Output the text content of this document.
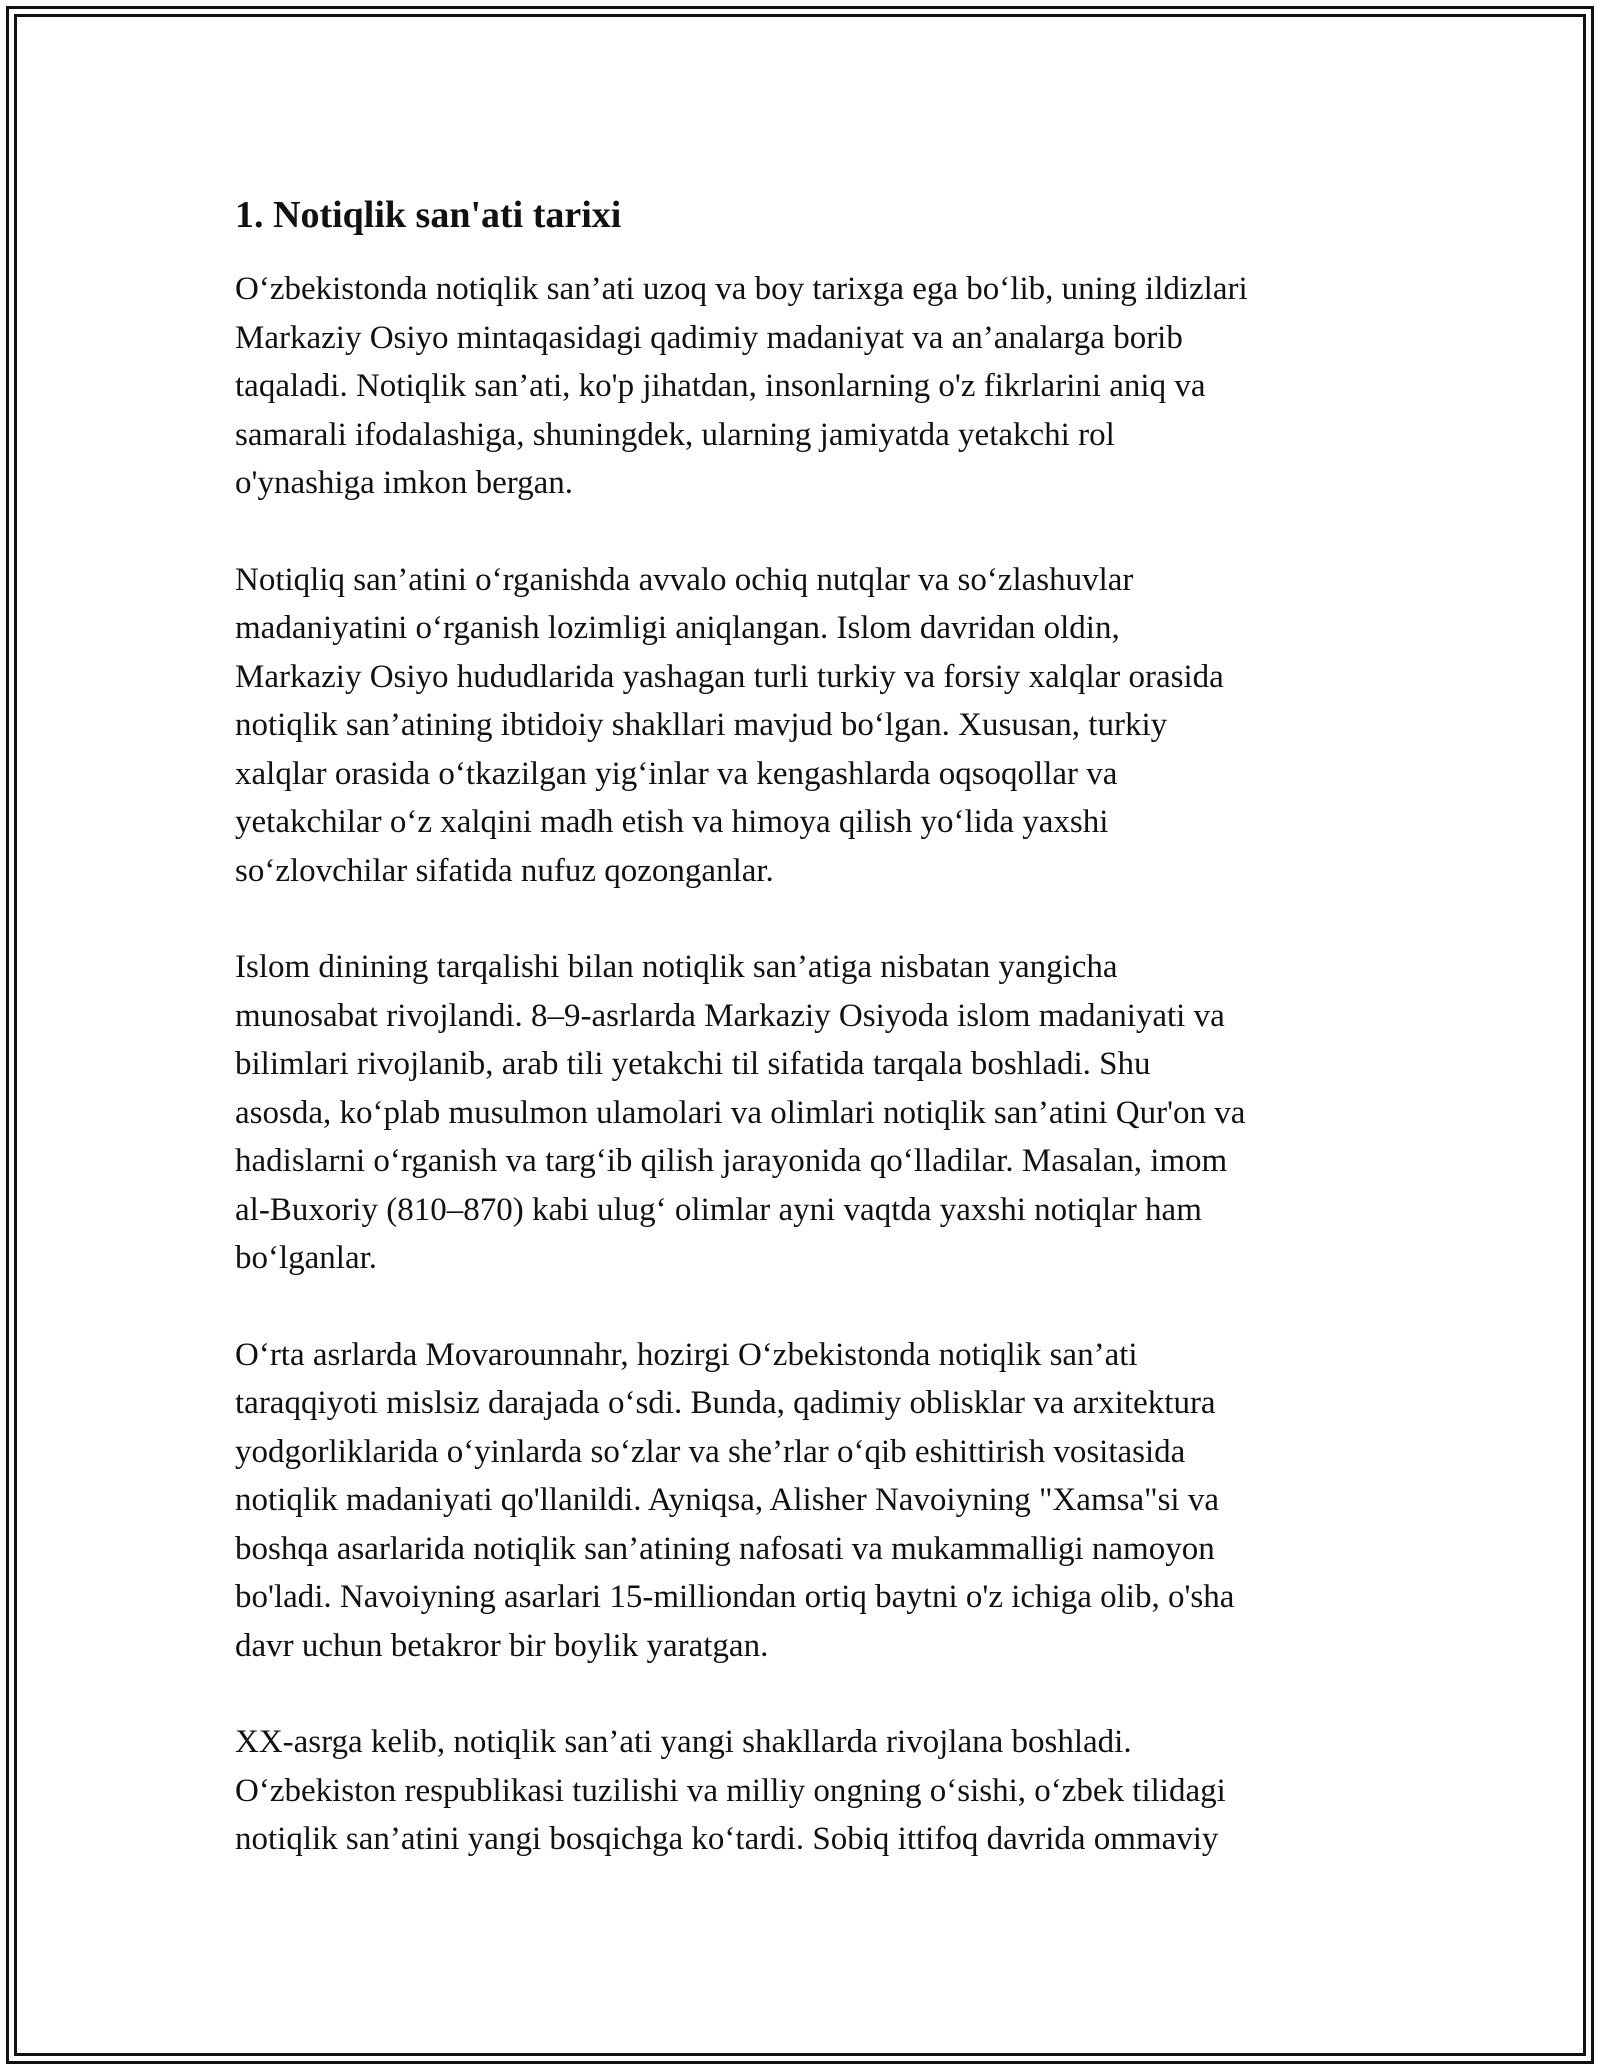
1. Notiqlik san'ati tarixi

O‘zbekistonda notiqlik san’ati uzoq va boy tarixga ega bo‘lib, uning ildizlari
Markaziy Osiyo mintaqasidagi qadimiy madaniyat va an’analarga borib
taqaladi. Notiqlik san’ati, ko'p jihatdan, insonlarning o'z fikrlarini aniq va
samarali ifodalashiga, shuningdek, ularning jamiyatda yetakchi rol
o'ynashiga imkon bergan.

Notiqliq san’atini o‘rganishda avvalo ochiq nutqlar va so‘zlashuvlar
madaniyatini o‘rganish lozimligi aniqlangan. Islom davridan oldin,
Markaziy Osiyo hududlarida yashagan turli turkiy va forsiy xalqlar orasida
notiqlik san’atining ibtidoiy shakllari mavjud bo‘lgan. Xususan, turkiy
xalqlar orasida o‘tkazilgan yig‘inlar va kengashlarda oqsoqollar va
yetakchilar o‘z xalqini madh etish va himoya qilish yo‘lida yaxshi
so‘zlovchilar sifatida nufuz qozonganlar.

Islom dinining tarqalishi bilan notiqlik san’atiga nisbatan yangicha
munosabat rivojlandi. 8–9-asrlarda Markaziy Osiyoda islom madaniyati va
bilimlari rivojlanib, arab tili yetakchi til sifatida tarqala boshladi. Shu
asosda, ko‘plab musulmon ulamolari va olimlari notiqlik san’atini Qur'on va
hadislarni o‘rganish va targ‘ib qilish jarayonida qo‘lladilar. Masalan, imom
al-Buxoriy (810–870) kabi ulug‘ olimlar ayni vaqtda yaxshi notiqlar ham
bo‘lganlar.

O‘rta asrlarda Movarounnahr, hozirgi O‘zbekistonda notiqlik san’ati
taraqqiyoti mislsiz darajada o‘sdi. Bunda, qadimiy oblisklar va arxitektura
yodgorliklarida o‘yinlarda so‘zlar va she’rlar o‘qib eshittirish vositasida
notiqlik madaniyati qo'llanildi. Ayniqsa, Alisher Navoiyning "Xamsa"si va
boshqa asarlarida notiqlik san’atining nafosati va mukammalligi namoyon
bo'ladi. Navoiyning asarlari 15-milliondan ortiq baytni o'z ichiga olib, o'sha
davr uchun betakror bir boylik yaratgan.

XX-asrga kelib, notiqlik san’ati yangi shakllarda rivojlana boshladi.
O‘zbekiston respublikasi tuzilishi va milliy ongning o‘sishi, o‘zbek tilidagi
notiqlik san’atini yangi bosqichga ko‘tardi. Sobiq ittifoq davrida ommaviy
